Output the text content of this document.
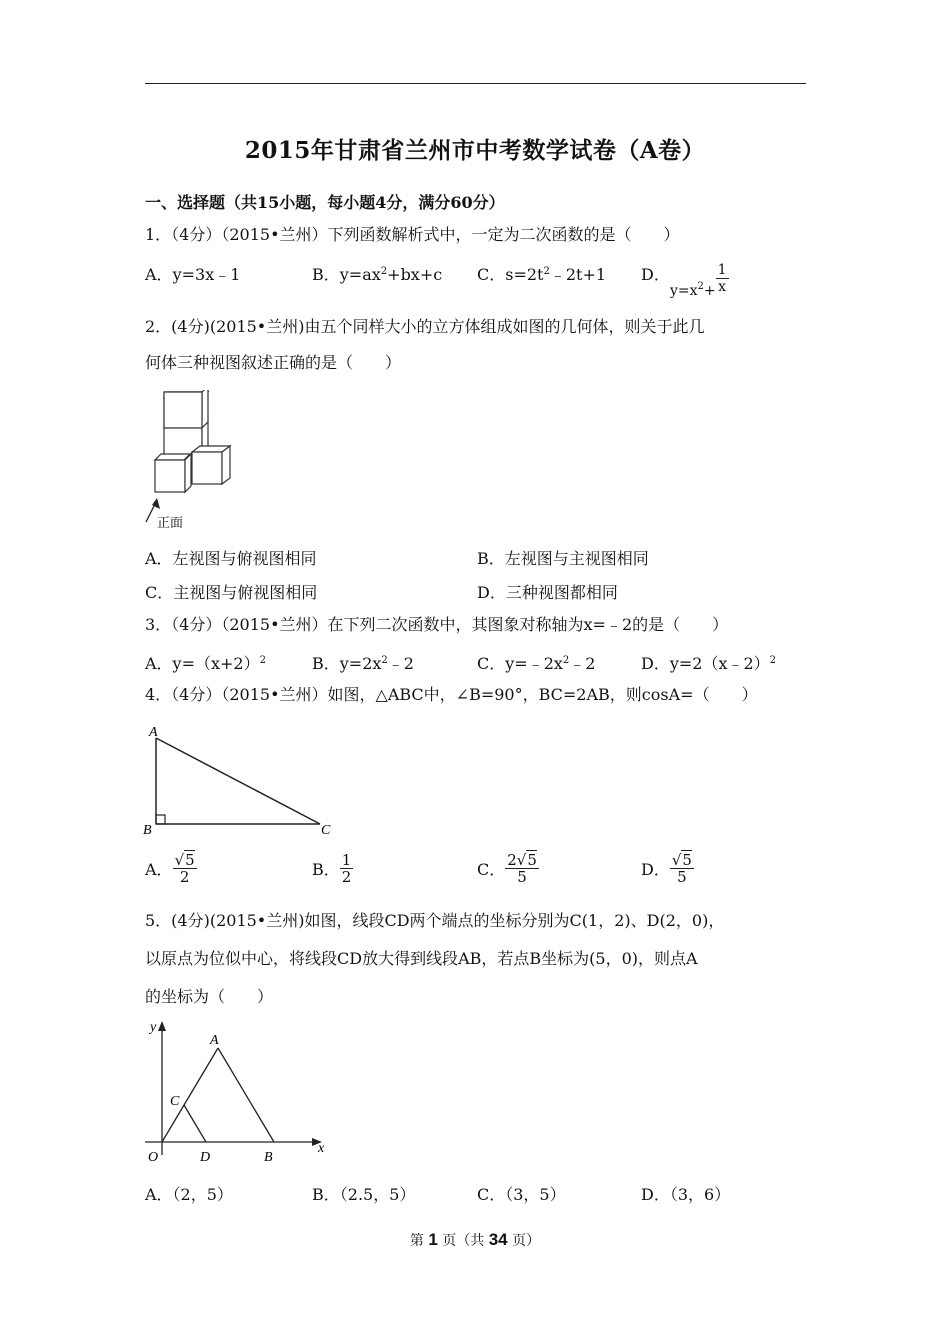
2015年甘肃省兰州市中考数学试卷（A卷）
一、选择题（共15小题，每小题4分，满分60分）
1．（4分）（2015•兰州）下列函数解析式中，一定为二次函数的是（　　）
A．y=3x﹣1	B．$y=ax^2+bx+c$ C．$s=2t^2﹣2t+1$ D．
$y=x^2+ \frac{1}{x}$
2．(4分)(2015•兰州)由五个同样大小的立方体组成如图的几何体，则关于此几
何体三种视图叙述正确的是（　　）
正面
A．左视图与俯视图相同	B．左视图与主视图相同
C．主视图与俯视图相同	D．三种视图都相同
3．（4分）（2015•兰州）在下列二次函数中，其图象对称轴为x=﹣2的是（　　）
A．$y=(x+2)^2$	B．$y=2x^2﹣2$	C．$y=﹣2x^2﹣2$	D．y=2（x﹣2）$^2$
4．（4分）（2015•兰州）如图，△ABC中，∠B=90°，BC=2AB，则cosA=（　　）
A
B	C
A． $\frac{√5}{2}$	B． $\frac{1}{2}$	C． $\frac{2√5}{5}$	D． $\frac{√5}{5}$
5．(4分)(2015•兰州)如图，线段CD两个端点的坐标分别为C(1，2)、D(2，0)，
以原点为位似中心，将线段CD放大得到线段AB，若点B坐标为(5，0)，则点A
的坐标为（　　）
y
x
O
A
C
D	B
A．（2，5）	B．（2.5，5）	C．（3，5）	D．（3，6）
第 1 页（共 34 页）
